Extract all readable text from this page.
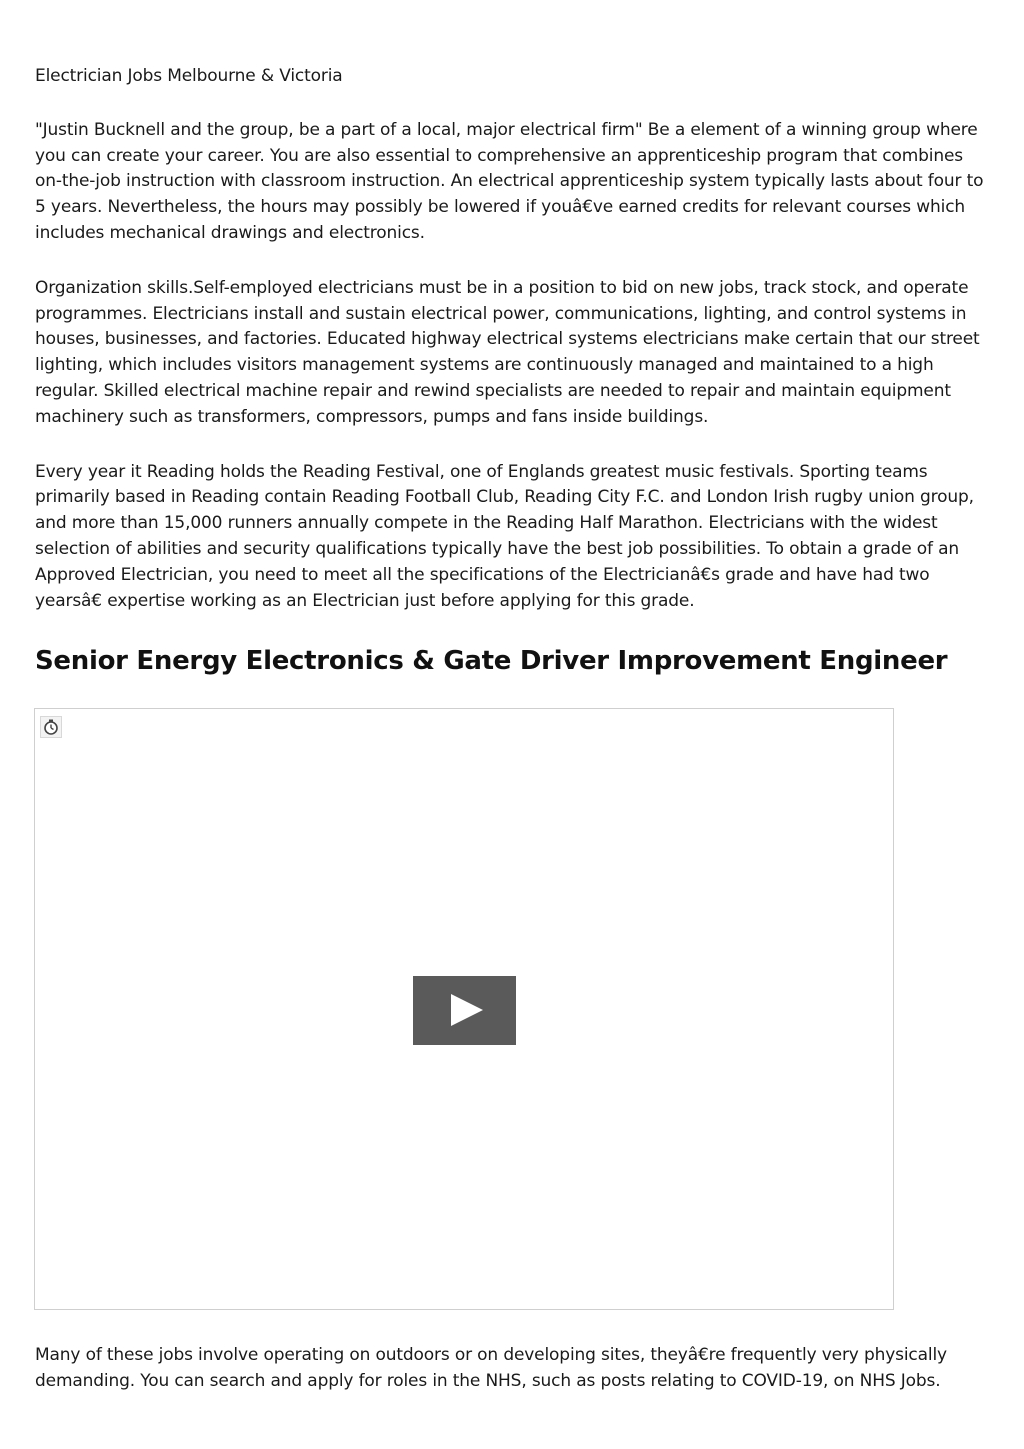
Electrician Jobs Melbourne & Victoria

"Justin Bucknell and the group, be a part of a local, major electrical firm" Be a element of a winning group where you can create your career. You are also essential to comprehensive an apprenticeship program that combines on-the-job instruction with classroom instruction. An electrical apprenticeship system typically lasts about four to 5 years. Nevertheless, the hours may possibly be lowered if youâ€⁠ve earned credits for relevant courses which includes mechanical drawings and electronics.

Organization skills.Self-employed electricians must be in a position to bid on new jobs, track stock, and operate programmes. Electricians install and sustain electrical power, communications, lighting, and control systems in houses, businesses, and factories. Educated highway electrical systems electricians make certain that our street lighting, which includes visitors management systems are continuously managed and maintained to a high regular. Skilled electrical machine repair and rewind specialists are needed to repair and maintain equipment machinery such as transformers, compressors, pumps and fans inside buildings.

Every year it Reading holds the Reading Festival, one of Englands greatest music festivals. Sporting teams primarily based in Reading contain Reading Football Club, Reading City F.C. and London Irish rugby union group, and more than 15,000 runners annually compete in the Reading Half Marathon. Electricians with the widest selection of abilities and security qualifications typically have the best job possibilities. To obtain a grade of an Approved Electrician, you need to meet all the specifications of the Electricianâ€⁠s grade and have had two yearsâ€⁠ expertise working as an Electrician just before applying for this grade.

Senior Energy Electronics & Gate Driver Improvement Engineer

Many of these jobs involve operating on outdoors or on developing sites, theyâ€⁠re frequently very physically demanding. You can search and apply for roles in the NHS, such as posts relating to COVID-19, on NHS Jobs.
